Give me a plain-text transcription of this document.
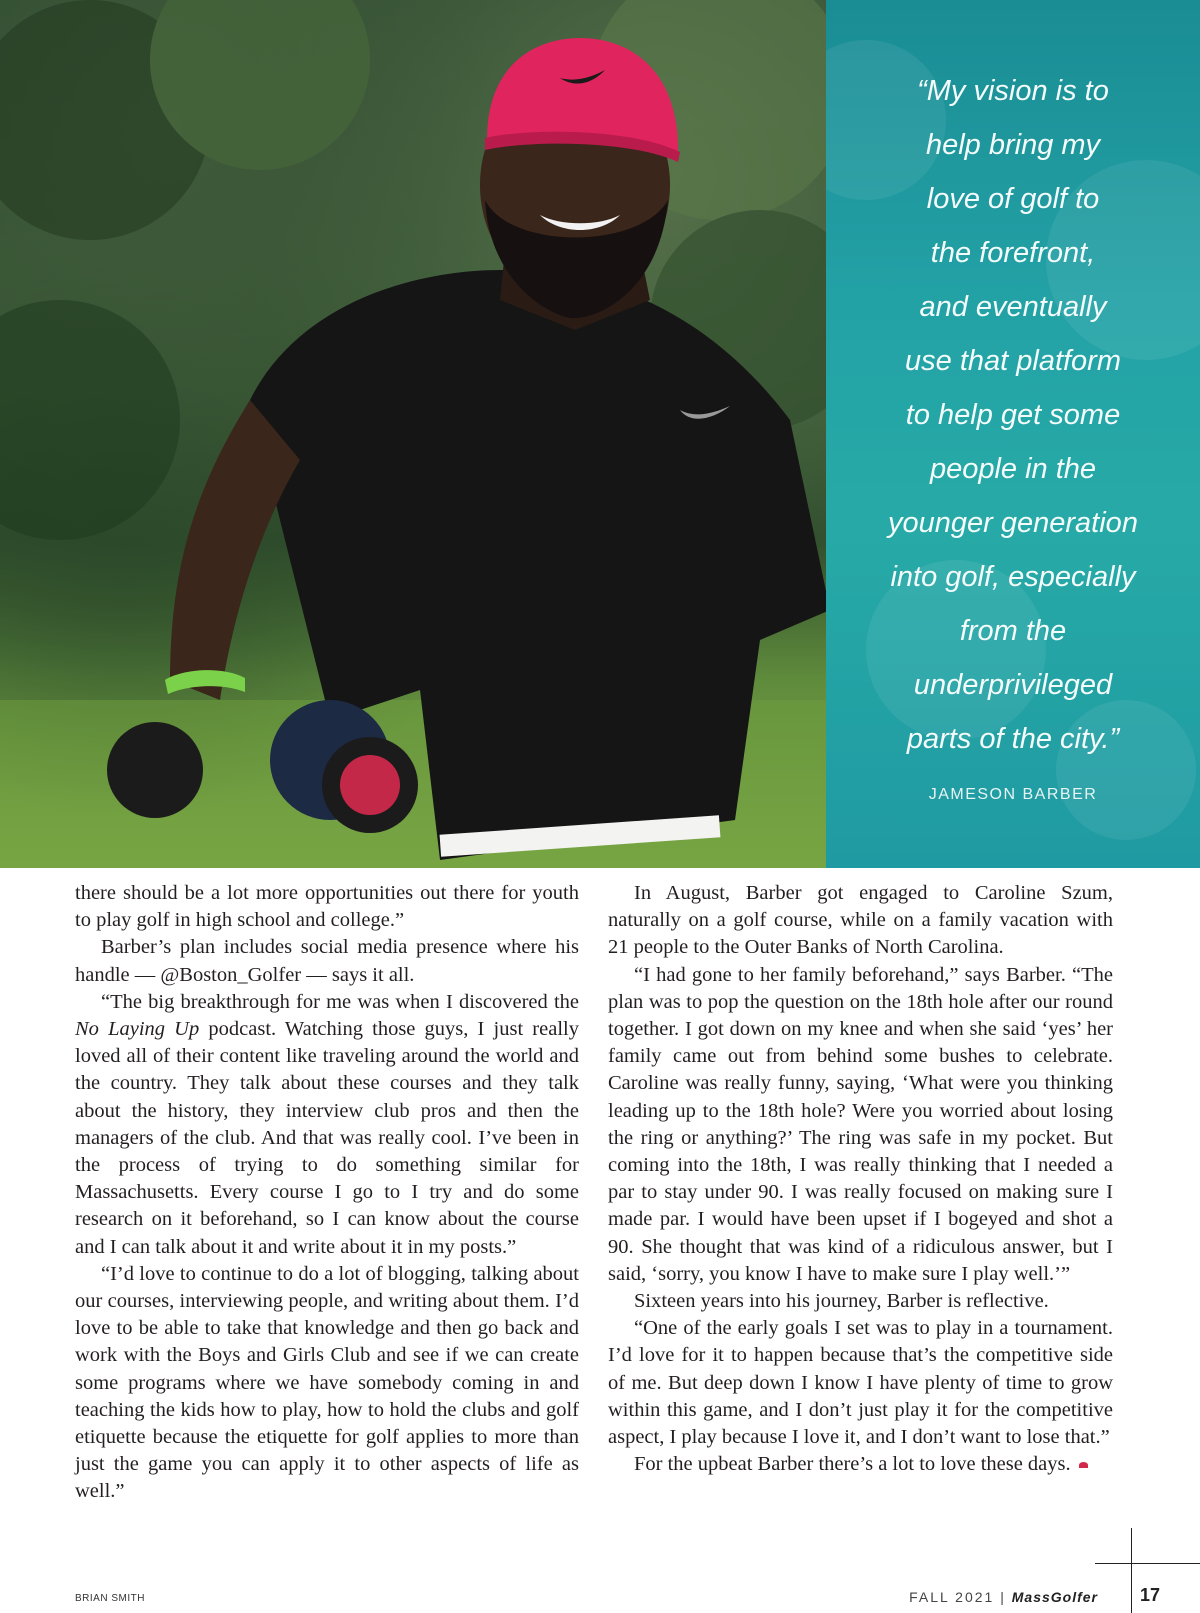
“My vision is to
help bring my
love of golf to
the forefront,
and eventually
use that platform
to help get some
people in the
younger generation
into golf, especially
from the
underprivileged
parts of the city.”
JAMESON BARBER

there should be a lot more opportunities out there for youth to play golf in high school and college.”

Barber’s plan includes social media presence where his handle — @Boston_Golfer — says it all.

“The big breakthrough for me was when I discovered the No Laying Up podcast. Watching those guys, I just really loved all of their content like traveling around the world and the country. They talk about these courses and they talk about the history, they interview club pros and then the managers of the club. And that was really cool. I’ve been in the process of trying to do something similar for Massachusetts. Every course I go to I try and do some research on it beforehand, so I can know about the course and I can talk about it and write about it in my posts.”

“I’d love to continue to do a lot of blogging, talking about our courses, interviewing people, and writing about them. I’d love to be able to take that knowledge and then go back and work with the Boys and Girls Club and see if we can create some programs where we have somebody coming in and teaching the kids how to play, how to hold the clubs and golf etiquette because the etiquette for golf applies to more than just the game you can apply it to other aspects of life as well.”

In August, Barber got engaged to Caroline Szum, naturally on a golf course, while on a family vacation with 21 people to the Outer Banks of North Carolina.

“I had gone to her family beforehand,” says Barber. “The plan was to pop the question on the 18th hole after our round together. I got down on my knee and when she said ‘yes’ her family came out from behind some bushes to celebrate. Caroline was really funny, saying, ‘What were you thinking leading up to the 18th hole? Were you worried about losing the ring or anything?’ The ring was safe in my pocket. But coming into the 18th, I was really thinking that I needed a par to stay under 90. I was really focused on making sure I made par. I would have been upset if I bogeyed and shot a 90. She thought that was kind of a ridiculous answer, but I said, ‘sorry, you know I have to make sure I play well.’”

Sixteen years into his journey, Barber is reflective.

“One of the early goals I set was to play in a tournament. I’d love for it to happen because that’s the competitive side of me. But deep down I know I have plenty of time to grow within this game, and I don’t just play it for the competitive aspect, I play because I love it, and I don’t want to lose that.”

For the upbeat Barber there’s a lot to love these days.

BRIAN SMITH	FALL 2021 | MassGolfer 17
